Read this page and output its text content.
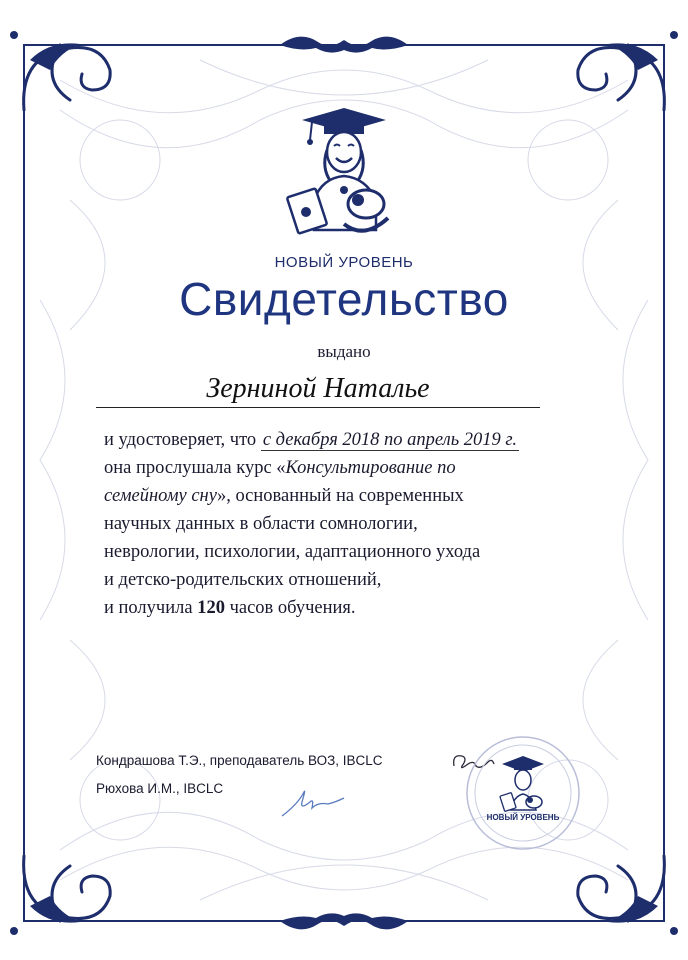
НОВЫЙ УРОВЕНЬ
Свидетельство
выдано
Зерниной Наталье
и удостоверяет, что с декабря 2018 по апрель 2019 г.
она прослушала курс «Консультирование по
семейному сну», основанный на современных
научных данных в области сомнологии,
неврологии, психологии, адаптационного ухода
и детско-родительских отношений,
и получила 120 часов обучения.
Кондрашова Т.Э., преподаватель ВОЗ, IBCLC
Рюхова И.М., IBCLC
НОВЫЙ УРОВЕНЬ
